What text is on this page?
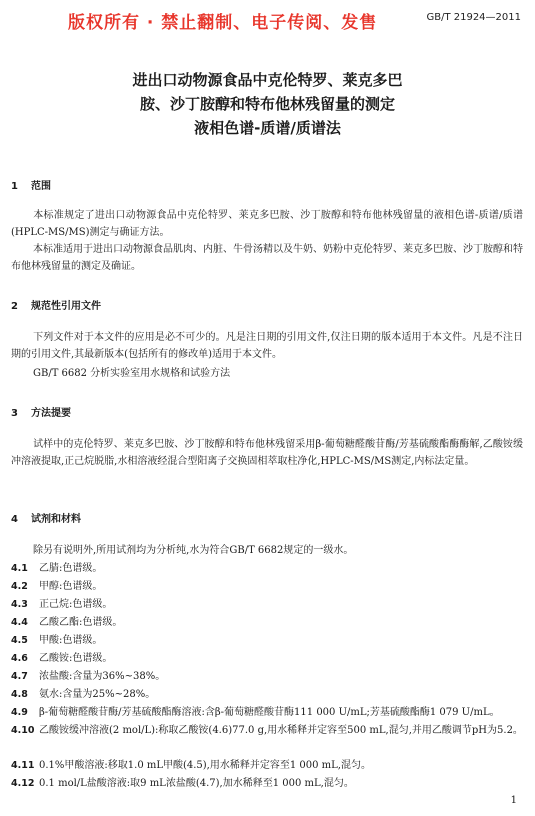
版权所有 · 禁止翻制、电子传阅、发售	GB/T 21924—2011
进出口动物源食品中克伦特罗、莱克多巴
胺、沙丁胺醇和特布他林残留量的测定
液相色谱-质谱/质谱法
1 范围
本标准规定了进出口动物源食品中克伦特罗、莱克多巴胺、沙丁胺醇和特布他林残留量的液相色谱-质谱/质谱(HPLC-MS/MS)测定与确证方法。
本标准适用于进出口动物源食品肌肉、内脏、牛骨汤精以及牛奶、奶粉中克伦特罗、莱克多巴胺、沙丁胺醇和特布他林残留量的测定及确证。
2 规范性引用文件
下列文件对于本文件的应用是必不可少的。凡是注日期的引用文件,仅注日期的版本适用于本文件。凡是不注日期的引用文件,其最新版本(包括所有的修改单)适用于本文件。
GB/T 6682 分析实验室用水规格和试验方法
3 方法提要
试样中的克伦特罗、莱克多巴胺、沙丁胺醇和特布他林残留采用β-葡萄糖醛酸苷酶/芳基硫酸酯酶酶解,乙酸铵缓冲溶液提取,正己烷脱脂,水相溶液经混合型阳离子交换固相萃取柱净化,HPLC-MS/MS测定,内标法定量。
4 试剂和材料
除另有说明外,所用试剂均为分析纯,水为符合GB/T 6682规定的一级水。
4.1 乙腈:色谱级。
4.2 甲醇:色谱级。
4.3 正己烷:色谱级。
4.4 乙酸乙酯:色谱级。
4.5 甲酸:色谱级。
4.6 乙酸铵:色谱级。
4.7 浓盐酸:含量为36%~38%。
4.8 氨水:含量为25%~28%。
4.9 β-葡萄糖醛酸苷酶/芳基硫酸酯酶溶液:含β-葡萄糖醛酸苷酶111 000 U/mL;芳基硫酸酯酶1 079 U/mL。
4.10 乙酸铵缓冲溶液(2 mol/L):称取乙酸铵(4.6)77.0 g,用水稀释并定容至500 mL,混匀,并用乙酸调节pH为5.2。
4.11 0.1%甲酸溶液:移取1.0 mL甲酸(4.5),用水稀释并定容至1 000 mL,混匀。
4.12 0.1 mol/L盐酸溶液:取9 mL浓盐酸(4.7),加水稀释至1 000 mL,混匀。
1
